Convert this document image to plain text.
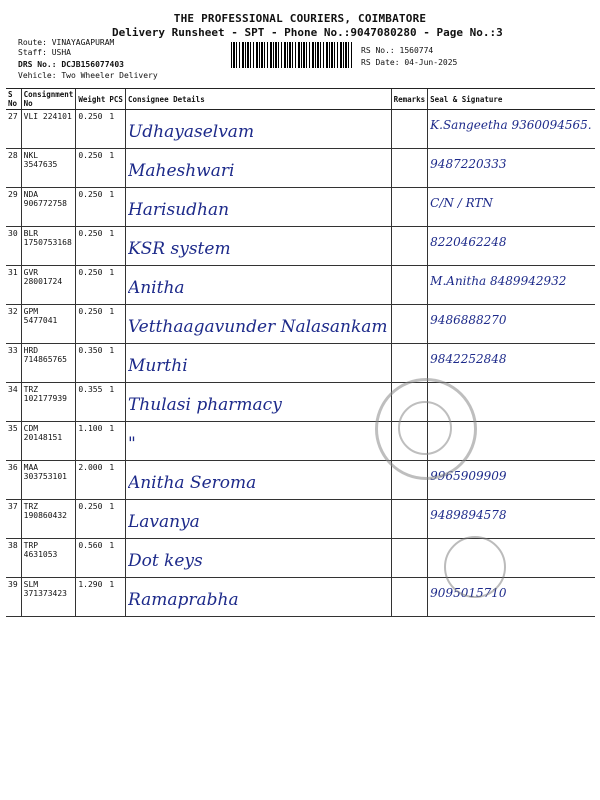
THE PROFESSIONAL COURIERS, COIMBATORE
Delivery Runsheet - SPT - Phone No.:9047080280 - Page No.:3
Route: VINAYAGAPURAM
Staff: USHA
DRS No.: DCJB156077403
Vehicle: Two Wheeler Delivery
RS No.: 1560774
RS Date: 04-Jun-2025
S No	Consignment No	Weight	PCS	Consignee Details	Remarks	Seal & Signature
27	VLI 224101	0.250	1	Udhayaselvam		K.Sangeetha 9360094565.

28	NKL 3547635	0.250	1	Maheshwari		9487220333

29	NDA 906772758	0.250	1	Harisudhan		C/N / RTN

30	BLR 1750753168	0.250	1	KSR system		8220462248

31	GVR 28001724	0.250	1	Anitha		M.Anitha 8489942932

32	GPM 5477041	0.250	1	Vetthaagavunder Nalasankam		9486888270

33	HRD 714865765	0.350	1	Murthi		9842252848

34	TRZ 102177939	0.355	1	Thulasi pharmacy		

35	CDM 20148151	1.100	1	"		

36	MAA 303753101	2.000	1	Anitha Seroma		9965909909

37	TRZ 190860432	0.250	1	Lavanya		9489894578

38	TRP 4631053	0.560	1	Dot keys		

39	SLM 371373423	1.290	1	Ramaprabha		9095015710
